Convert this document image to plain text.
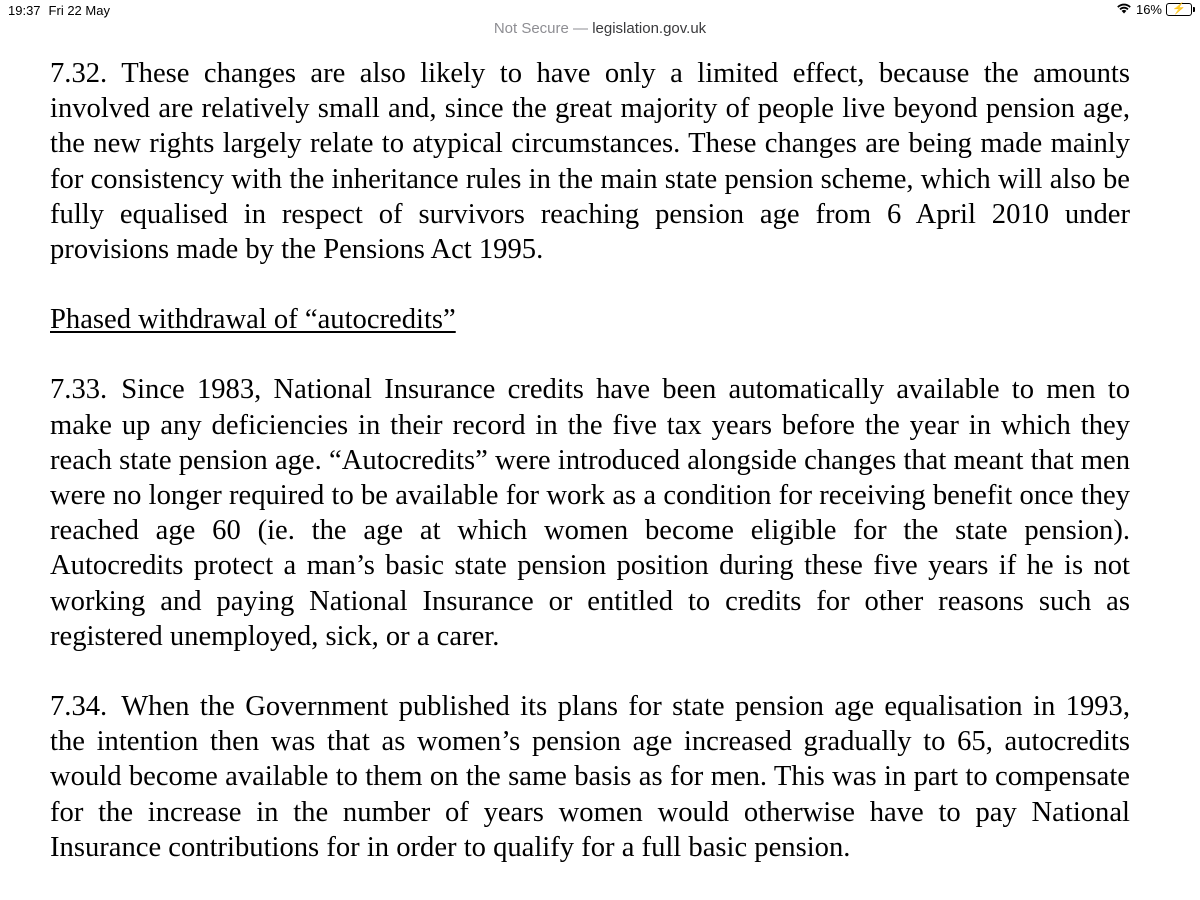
19:37 Fri 22 May	16% ⚡
Not Secure — legislation.gov.uk

7.32. These changes are also likely to have only a limited effect, because the amounts involved are relatively small and, since the great majority of people live beyond pension age, the new rights largely relate to atypical circumstances. These changes are being made mainly for consistency with the inheritance rules in the main state pension scheme, which will also be fully equalised in respect of survivors reaching pension age from 6 April 2010 under provisions made by the Pensions Act 1995.

Phased withdrawal of “autocredits”

7.33. Since 1983, National Insurance credits have been automatically available to men to make up any deficiencies in their record in the five tax years before the year in which they reach state pension age. “Autocredits” were introduced alongside changes that meant that men were no longer required to be available for work as a condition for receiving benefit once they reached age 60 (ie. the age at which women become eligible for the state pension). Autocredits protect a man’s basic state pension position during these five years if he is not working and paying National Insurance or entitled to credits for other reasons such as registered unemployed, sick, or a carer.

7.34. When the Government published its plans for state pension age equalisation in 1993, the intention then was that as women’s pension age increased gradually to 65, autocredits would become available to them on the same basis as for men. This was in part to compensate for the increase in the number of years women would otherwise have to pay National Insurance contributions for in order to qualify for a full basic pension.
